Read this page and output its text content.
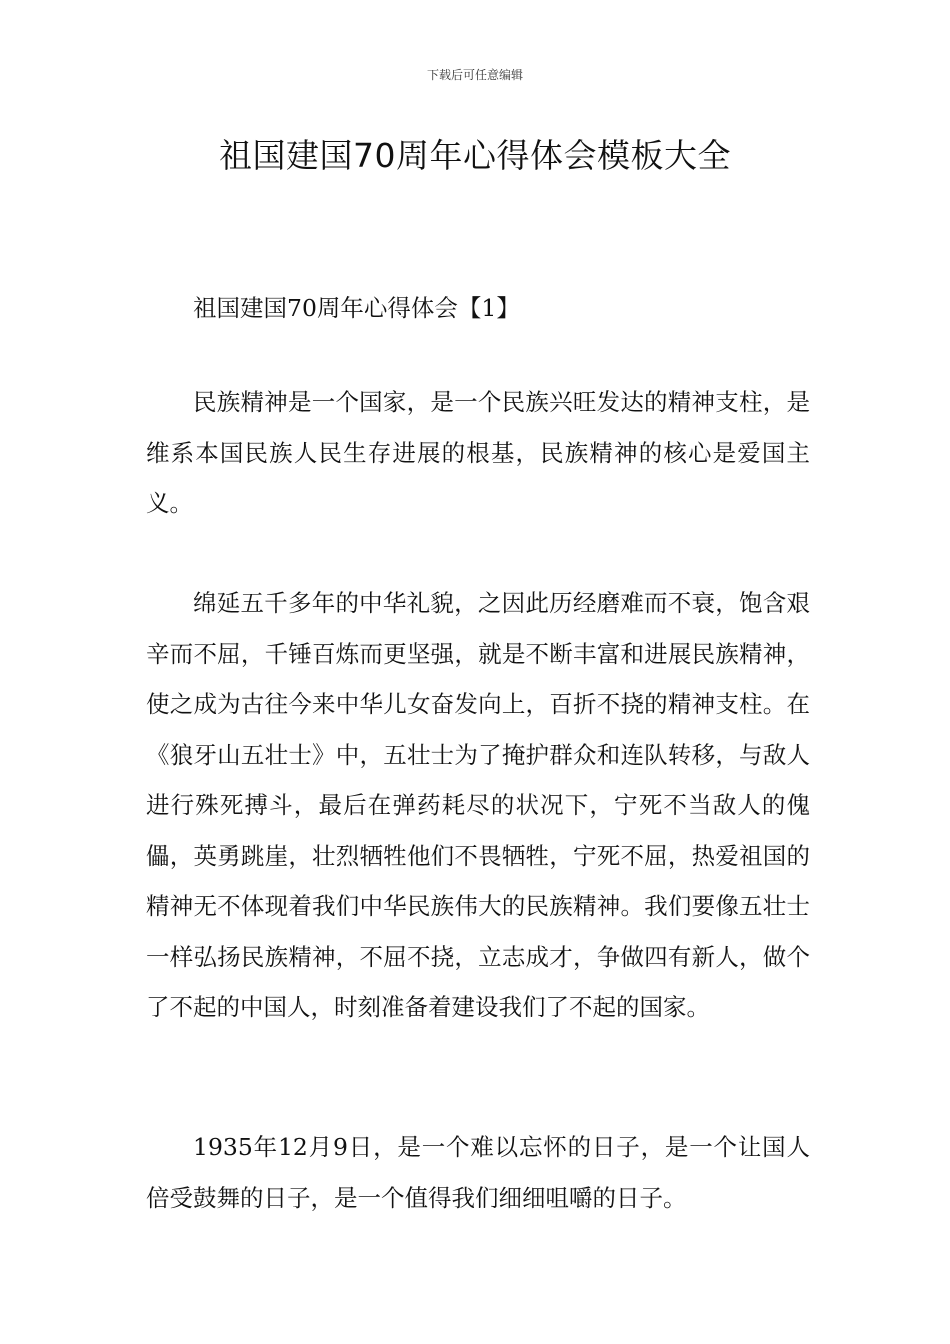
下载后可任意编辑
祖国建国70周年心得体会模板大全

祖国建国70周年心得体会【1】

民族精神是一个国家，是一个民族兴旺发达的精神支柱，是维系本国民族人民生存进展的根基，民族精神的核心是爱国主义。

绵延五千多年的中华礼貌，之因此历经磨难而不衰，饱含艰辛而不屈，千锤百炼而更坚强，就是不断丰富和进展民族精神，使之成为古往今来中华儿女奋发向上，百折不挠的精神支柱。在《狼牙山五壮士》中，五壮士为了掩护群众和连队转移，与敌人进行殊死搏斗，最后在弹药耗尽的状况下，宁死不当敌人的傀儡，英勇跳崖，壮烈牺牲他们不畏牺牲，宁死不屈，热爱祖国的精神无不体现着我们中华民族伟大的民族精神。我们要像五壮士一样弘扬民族精神，不屈不挠，立志成才，争做四有新人，做个了不起的中国人，时刻准备着建设我们了不起的国家。

1935年12月9日，是一个难以忘怀的日子，是一个让国人倍受鼓舞的日子，是一个值得我们细细咀嚼的日子。
